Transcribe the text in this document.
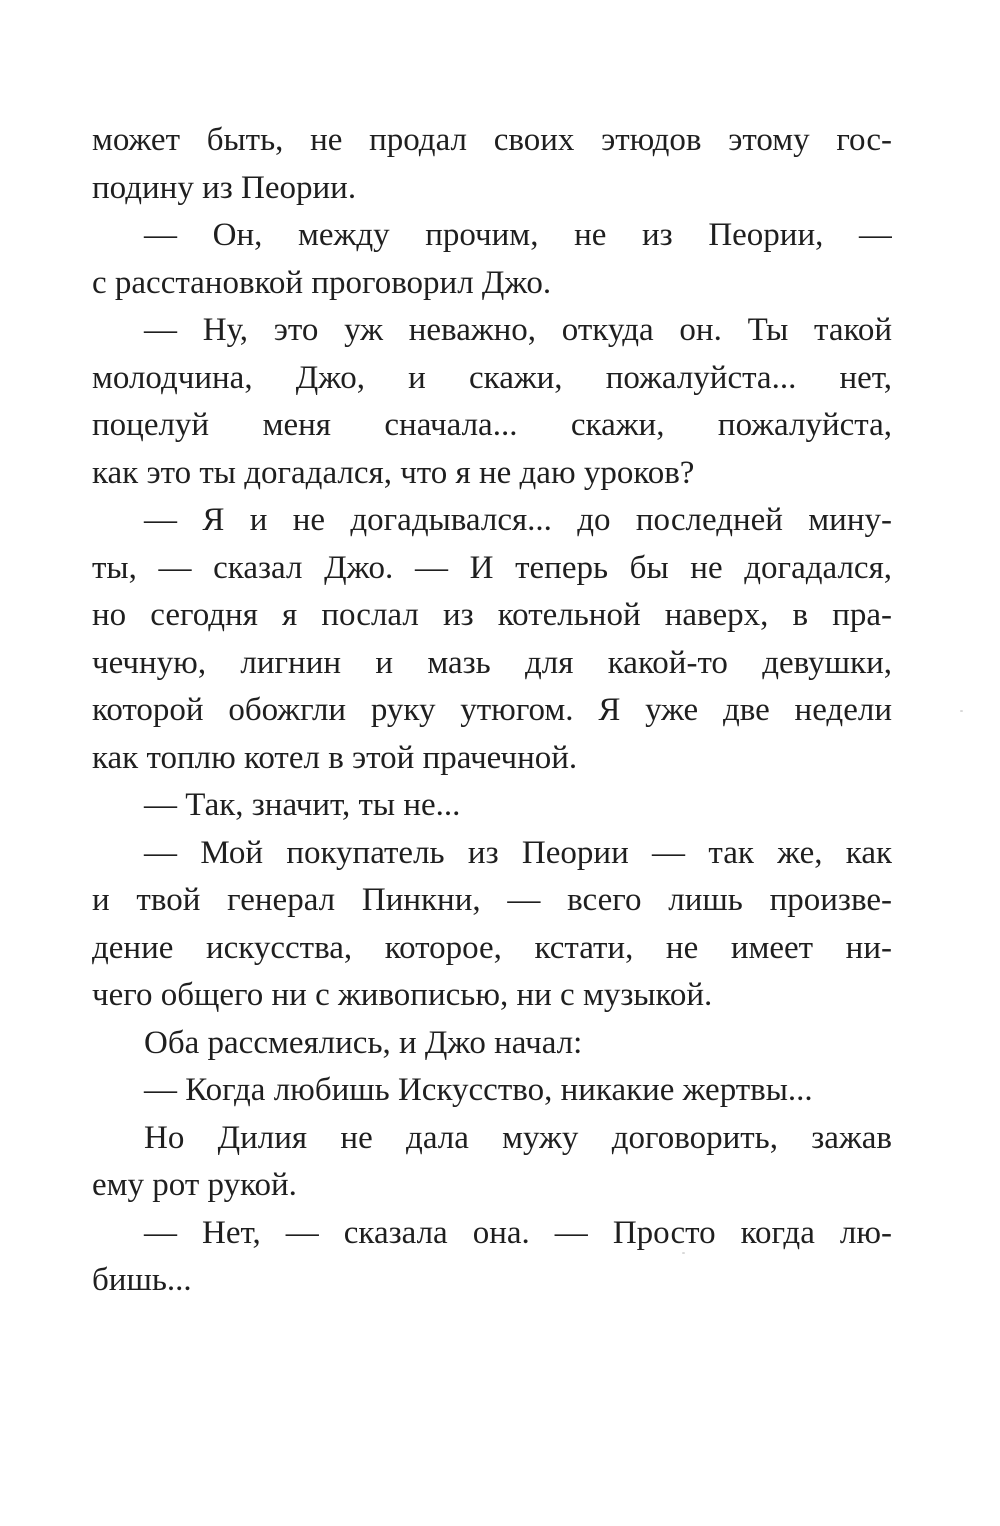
может быть, не продал своих этюдов этому гос-
подину из Пеории.
— Он, между прочим, не из Пеории, —
с расстановкой проговорил Джо.
— Ну, это уж неважно, откуда он. Ты такой
молодчина, Джо, и скажи, пожалуйста... нет,
поцелуй меня сначала... скажи, пожалуйста,
как это ты догадался, что я не даю уроков?
— Я и не догадывался... до последней мину-
ты, — сказал Джо. — И теперь бы не догадался,
но сегодня я послал из котельной наверх, в пра-
чечную, лигнин и мазь для какой-то девушки,
которой обожгли руку утюгом. Я уже две недели
как топлю котел в этой прачечной.
— Так, значит, ты не...
— Мой покупатель из Пеории — так же, как
и твой генерал Пинкни, — всего лишь произве-
дение искусства, которое, кстати, не имеет ни-
чего общего ни с живописью, ни с музыкой.
Оба рассмеялись, и Джо начал:
— Когда любишь Искусство, никакие жертвы...
Но Дилия не дала мужу договорить, зажав
ему рот рукой.
— Нет, — сказала она. — Просто когда лю-
бишь...
